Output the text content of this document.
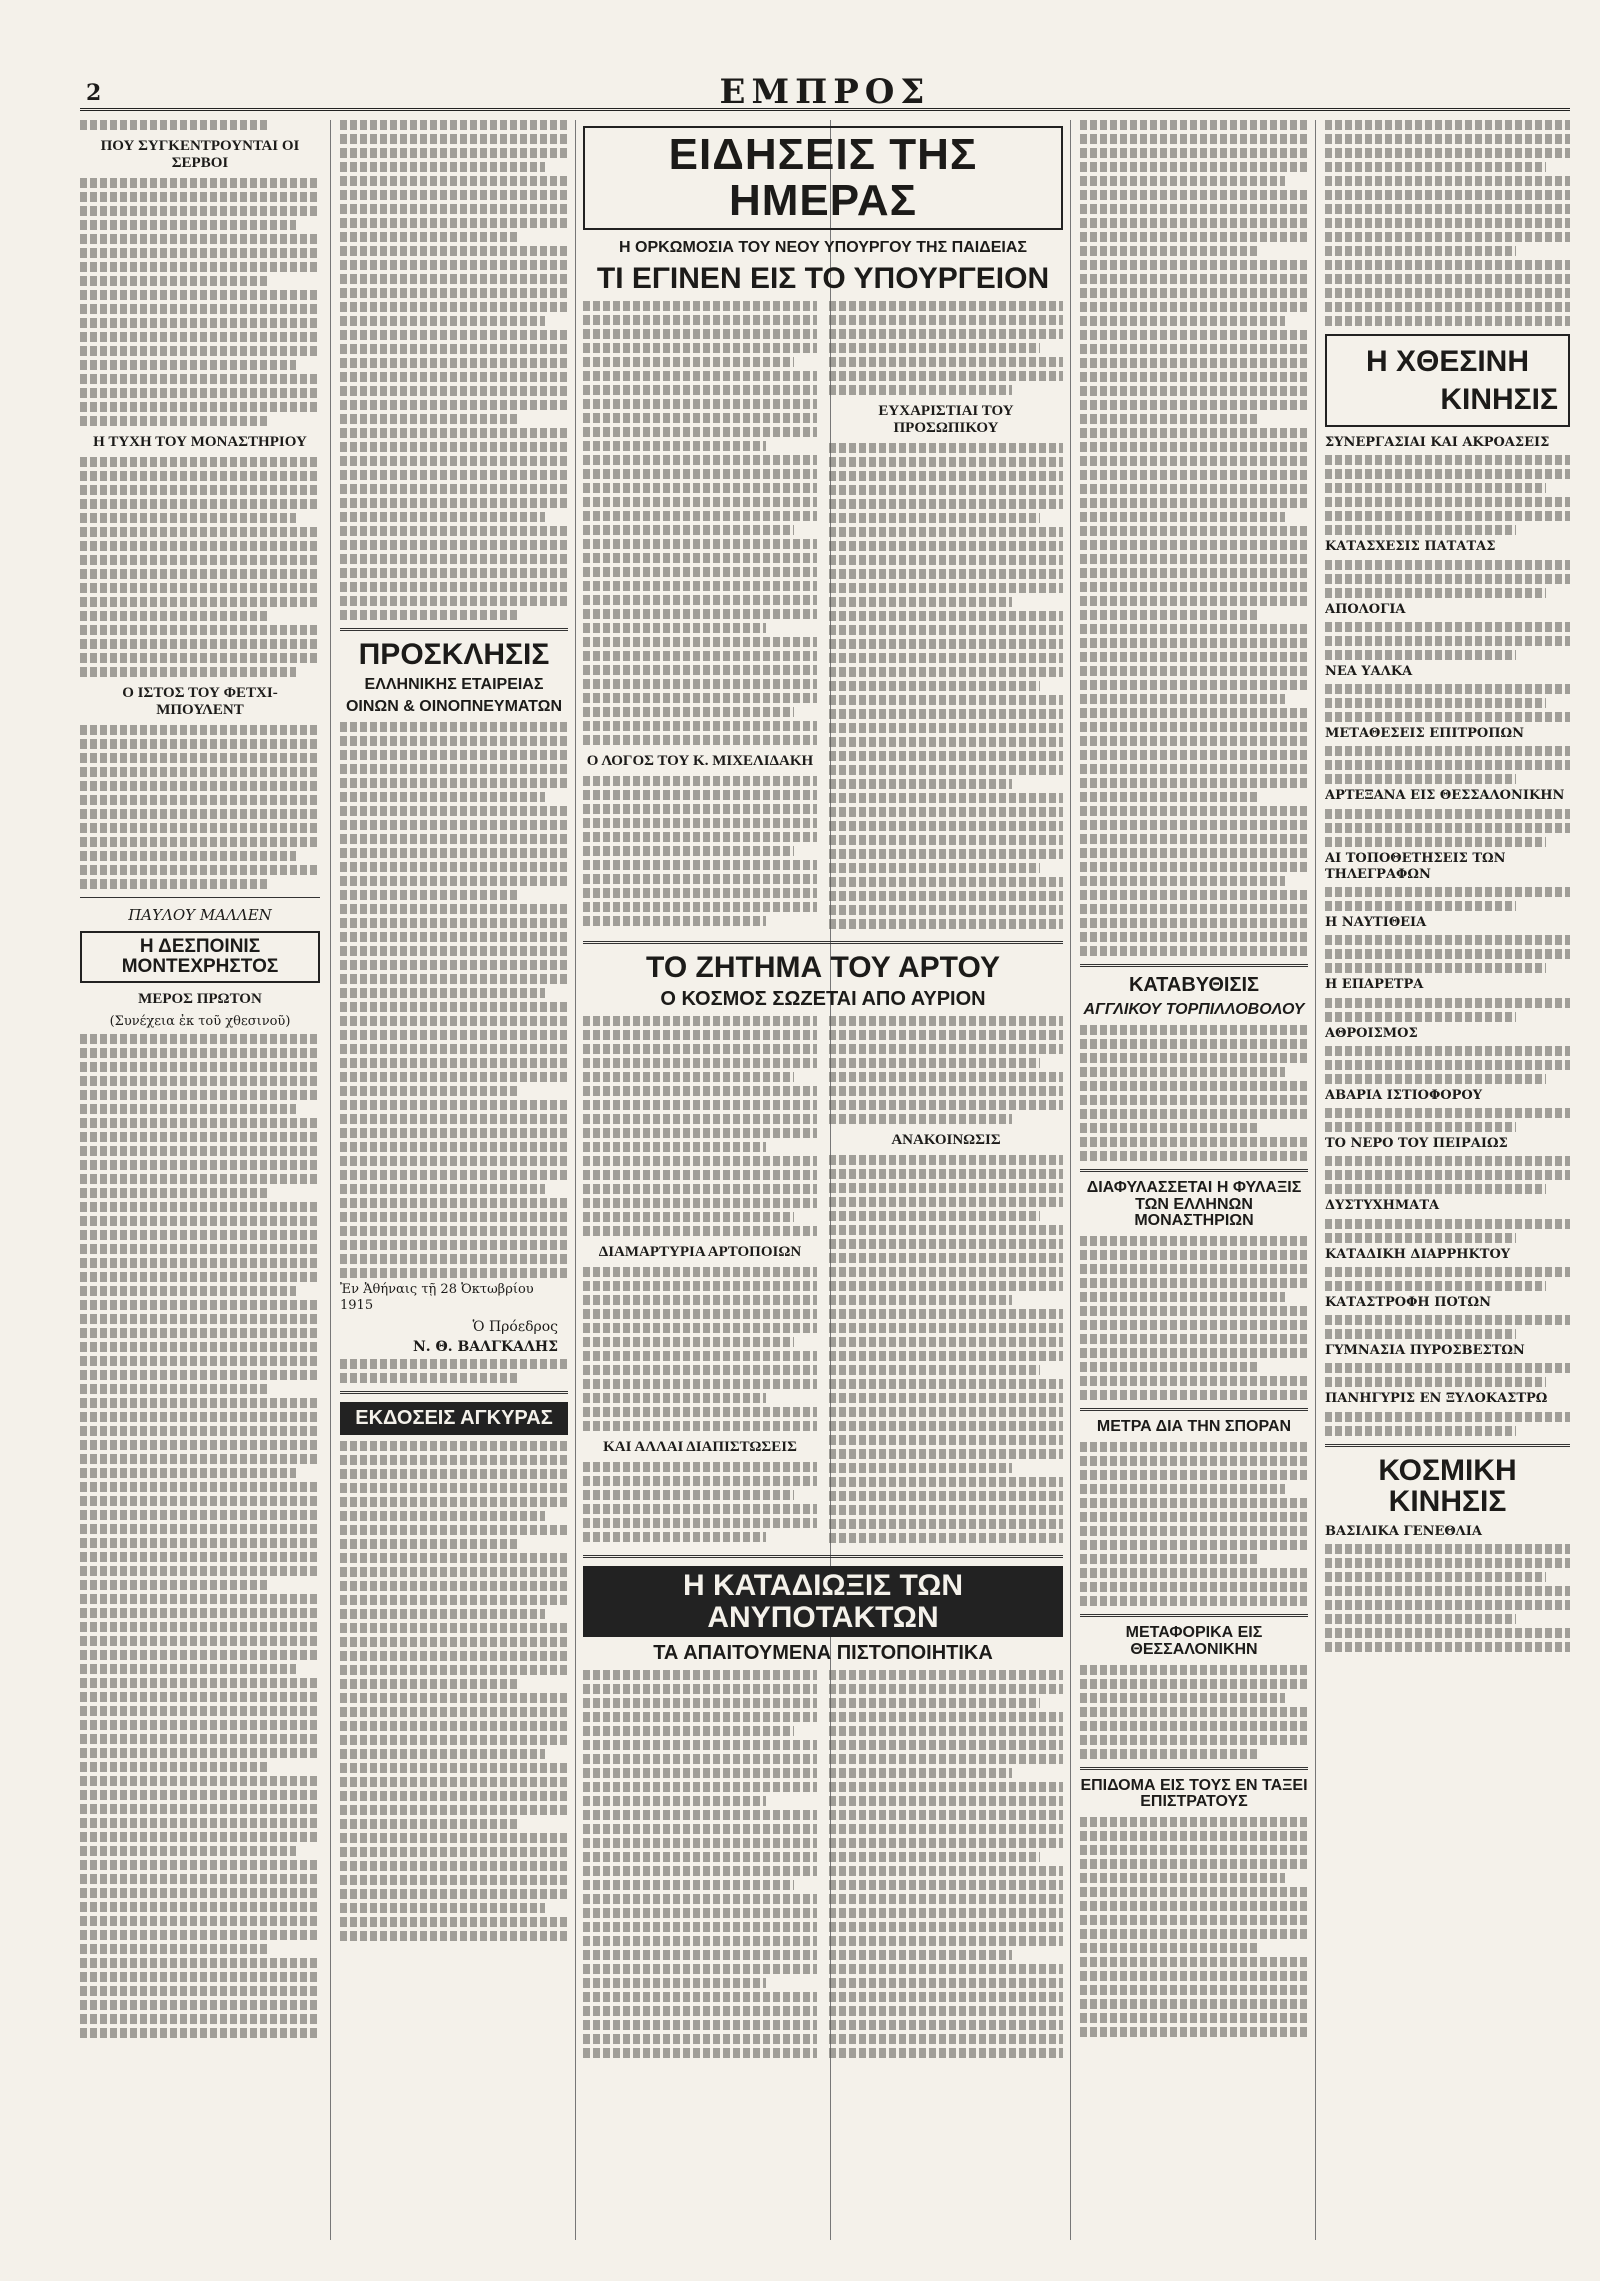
2	ΕΜΠΡΟΣ
ΠΟΥ ΣΥΓΚΕΝΤΡΟΥΝΤΑΙ ΟΙ ΣΕΡΒΟΙ
Η ΤΥΧΗ ΤΟΥ ΜΟΝΑΣΤΗΡΙΟΥ
Ο ΙΣΤΟΣ ΤΟΥ ΦΕΤΧΙ-ΜΠΟΥΛΕΝΤ
ΠΑΥΛΟΥ ΜΑΛΛΕΝ
Η ΔΕΣΠΟΙΝΙΣ ΜΟΝΤΕΧΡΗΣΤΟΣ
ΜΕΡΟΣ ΠΡΩΤΟΝ
(Συνέχεια ἐκ τοῦ χθεσινοῦ)
ΠΡΟΣΚΛΗΣΙΣ
ΕΛΛΗΝΙΚΗΣ ΕΤΑΙΡΕΙΑΣ
ΟΙΝΩΝ & ΟΙΝΟΠΝΕΥΜΑΤΩΝ
Ἐν Ἀθήναις τῇ 28 Ὀκτωβρίου 1915
Ὁ Πρόεδρος
Ν. Θ. ΒΑΛΓΚΑΛΗΣ
ΕΚΔΟΣΕΙΣ ΑΓΚΥΡΑΣ
ΕΙΔΗΣΕΙΣ ΤΗΣ ΗΜΕΡΑΣ
Η ΟΡΚΩΜΟΣΙΑ ΤΟΥ ΝΕΟΥ ΥΠΟΥΡΓΟΥ ΤΗΣ ΠΑΙΔΕΙΑΣ
ΤΙ ΕΓΙΝΕΝ ΕΙΣ ΤΟ ΥΠΟΥΡΓΕΙΟΝ
Ο ΛΟΓΟΣ ΤΟΥ Κ. ΜΙΧΕΛΙΔΑΚΗ
ΕΥΧΑΡΙΣΤΙΑΙ ΤΟΥ ΠΡΟΣΩΠΙΚΟΥ
ΤΟ ΖΗΤΗΜΑ ΤΟΥ ΑΡΤΟΥ
Ο ΚΟΣΜΟΣ ΣΩΖΕΤΑΙ ΑΠΟ ΑΥΡΙΟΝ
ΔΙΑΜΑΡΤΥΡΙΑ ΑΡΤΟΠΟΙΩΝ
ΚΑΙ ΑΛΛΑΙ ΔΙΑΠΙΣΤΩΣΕΙΣ
ΑΝΑΚΟΙΝΩΣΙΣ
Η ΚΑΤΑΔΙΩΞΙΣ ΤΩΝ ΑΝΥΠΟΤΑΚΤΩΝ
ΤΑ ΑΠΑΙΤΟΥΜΕΝΑ ΠΙΣΤΟΠΟΙΗΤΙΚΑ
ΚΑΤΑΒΥΘΙΣΙΣ
ΑΓΓΛΙΚΟΥ ΤΟΡΠΙΛΛΟΒΟΛΟΥ
ΔΙΑΦΥΛΑΣΣΕΤΑΙ Η ΦΥΛΑΞΙΣ ΤΩΝ ΕΛΛΗΝΩΝ ΜΟΝΑΣΤΗΡΙΩΝ
ΜΕΤΡΑ ΔΙΑ ΤΗΝ ΣΠΟΡΑΝ
ΜΕΤΑΦΟΡΙΚΑ ΕΙΣ ΘΕΣΣΑΛΟΝΙΚΗΝ
ΕΠΙΔΟΜΑ ΕΙΣ ΤΟΥΣ ΕΝ ΤΑΞΕΙ ΕΠΙΣΤΡΑΤΟΥΣ
Η ΧΘΕΣΙΝΗ
ΚΙΝΗΣΙΣ
ΣΥΝΕΡΓΑΣΙΑΙ ΚΑΙ ΑΚΡΟΑΣΕΙΣ
ΚΑΤΑΣΧΕΣΙΣ ΠΑΤΑΤΑΣ
ΑΠΟΛΟΓΙΑ
ΝΕΑ ΥΑΛΚΑ
ΜΕΤΑΘΕΣΕΙΣ ΕΠΙΤΡΟΠΩΝ
ΑΡΤΕΞΑΝΑ ΕΙΣ ΘΕΣΣΑΛΟΝΙΚΗΝ
ΑΙ ΤΟΠΟΘΕΤΗΣΕΙΣ ΤΩΝ ΤΗΛΕΓΡΑΦΩΝ
Η ΝΑΥΤΙΘΕΙΑ
Η ΕΠΑΡΕΤΡΑ
ΑΘΡΟΙΣΜΟΣ
ΑΒΑΡΙΑ ΙΣΤΙΟΦΟΡΟΥ
ΤΟ ΝΕΡΟ ΤΟΥ ΠΕΙΡΑΙΩΣ
ΔΥΣΤΥΧΗΜΑΤΑ
ΚΑΤΑΔΙΚΗ ΔΙΑΡΡΗΚΤΟΥ
ΚΑΤΑΣΤΡΟΦΗ ΠΟΤΩΝ
ΓΥΜΝΑΣΙΑ ΠΥΡΟΣΒΕΣΤΩΝ
ΠΑΝΗΓΥΡΙΣ ΕΝ ΞΥΛΟΚΑΣΤΡΩ
ΚΟΣΜΙΚΗ ΚΙΝΗΣΙΣ
ΒΑΣΙΛΙΚΑ ΓΕΝΕΘΛΙΑ
